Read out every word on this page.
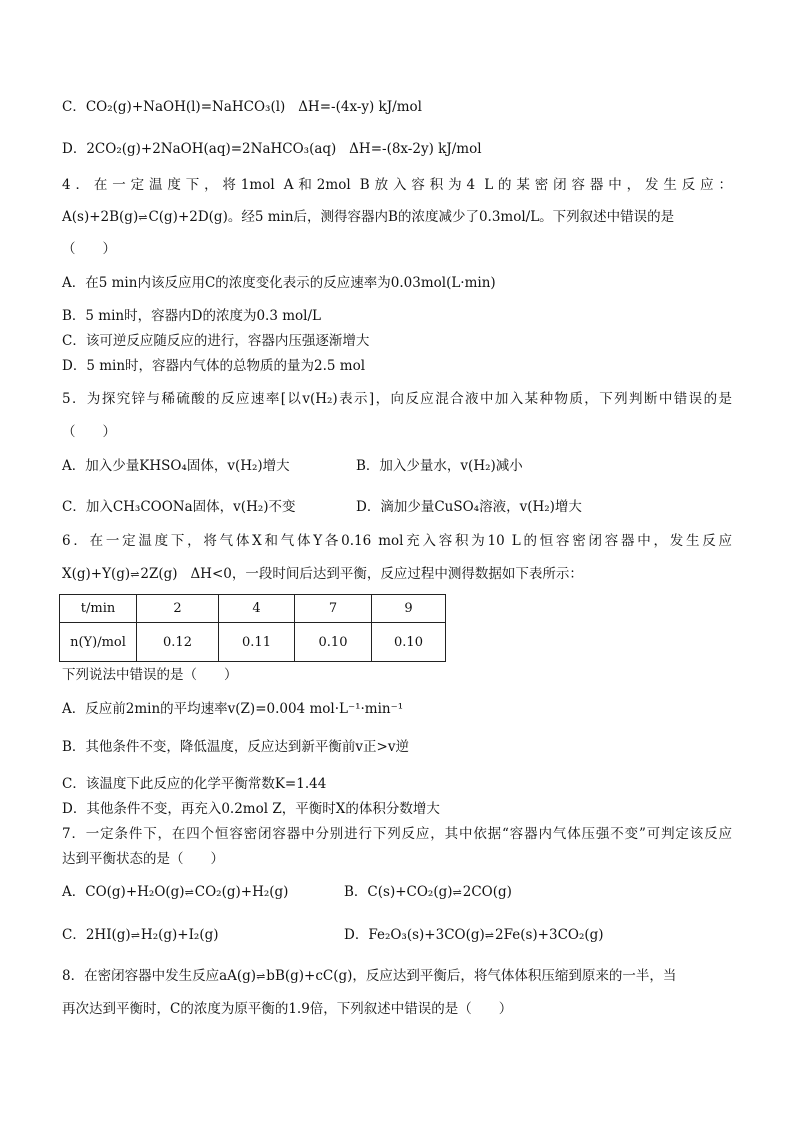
C．CO₂(g)+NaOH(l)=NaHCO₃(l) ΔH=-(4x-y) kJ/mol
D．2CO₂(g)+2NaOH(aq)=2NaHCO₃(aq) ΔH=-(8x-2y) kJ/mol
4．在一定温度下，将1mol A和2mol B放入容积为4 L的某密闭容器中，发生反应：
A(s)+2B(g)⇌C(g)+2D(g)。经5 min后，测得容器内B的浓度减少了0.3mol/L。下列叙述中错误的是
（　　）
A．在5 min内该反应用C的浓度变化表示的反应速率为0.03mol(L·min)
B．5 min时，容器内D的浓度为0.3 mol/L
C．该可逆反应随反应的进行，容器内压强逐渐增大
D．5 min时，容器内气体的总物质的量为2.5 mol
5．为探究锌与稀硫酸的反应速率[以v(H₂)表示]，向反应混合液中加入某种物质，下列判断中错误的是
（　　）
A．加入少量KHSO₄固体，v(H₂)增大	B．加入少量水，v(H₂)减小
C．加入CH₃COONa固体，v(H₂)不变	D．滴加少量CuSO₄溶液，v(H₂)增大
6．在一定温度下，将气体X和气体Y各0.16 mol充入容积为10 L的恒容密闭容器中，发生反应
X(g)+Y(g)⇌2Z(g) ΔH<0，一段时间后达到平衡，反应过程中测得数据如下表所示：
t/min	2	4	7	9
n(Y)/mol	0.12	0.11	0.10	0.10
下列说法中错误的是（　　）
A．反应前2min的平均速率v(Z)=0.004 mol·L⁻¹·min⁻¹
B．其他条件不变，降低温度，反应达到新平衡前v正>v逆
C．该温度下此反应的化学平衡常数K=1.44
D．其他条件不变，再充入0.2mol Z，平衡时X的体积分数增大
7．一定条件下，在四个恒容密闭容器中分别进行下列反应，其中依据“容器内气体压强不变”可判定该反应
达到平衡状态的是（　　）
A．CO(g)+H₂O(g)⇌CO₂(g)+H₂(g)	B．C(s)+CO₂(g)⇌2CO(g)
C．2HI(g)⇌H₂(g)+I₂(g)	D．Fe₂O₃(s)+3CO(g)⇌2Fe(s)+3CO₂(g)
8．在密闭容器中发生反应aA(g)⇌bB(g)+cC(g)，反应达到平衡后，将气体体积压缩到原来的一半，当
再次达到平衡时，C的浓度为原平衡的1.9倍，下列叙述中错误的是（　　）
